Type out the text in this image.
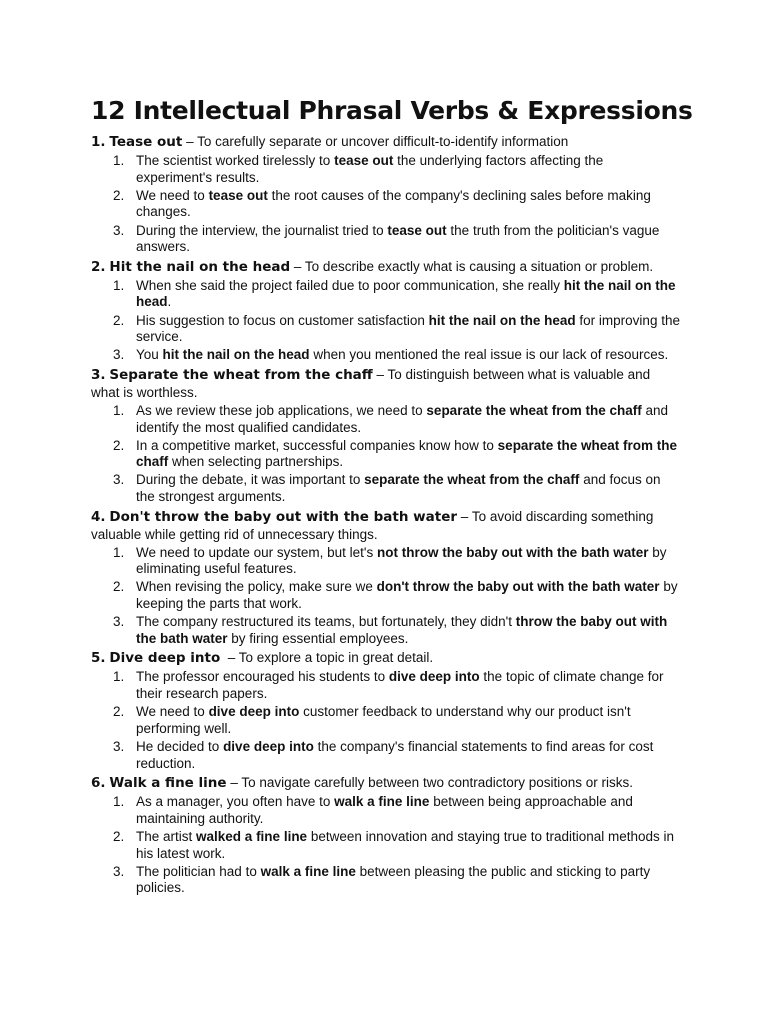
12 Intellectual Phrasal Verbs & Expressions
1. Tease out – To carefully separate or uncover difficult-to-identify information
1. The scientist worked tirelessly to tease out the underlying factors affecting the experiment's results.
2. We need to tease out the root causes of the company's declining sales before making changes.
3. During the interview, the journalist tried to tease out the truth from the politician's vague answers.
2. Hit the nail on the head – To describe exactly what is causing a situation or problem.
1. When she said the project failed due to poor communication, she really hit the nail on the head.
2. His suggestion to focus on customer satisfaction hit the nail on the head for improving the service.
3. You hit the nail on the head when you mentioned the real issue is our lack of resources.
3. Separate the wheat from the chaff – To distinguish between what is valuable and what is worthless.
1. As we review these job applications, we need to separate the wheat from the chaff and identify the most qualified candidates.
2. In a competitive market, successful companies know how to separate the wheat from the chaff when selecting partnerships.
3. During the debate, it was important to separate the wheat from the chaff and focus on the strongest arguments.
4. Don't throw the baby out with the bath water – To avoid discarding something valuable while getting rid of unnecessary things.
1. We need to update our system, but let's not throw the baby out with the bath water by eliminating useful features.
2. When revising the policy, make sure we don't throw the baby out with the bath water by keeping the parts that work.
3. The company restructured its teams, but fortunately, they didn't throw the baby out with the bath water by firing essential employees.
5. Dive deep into  – To explore a topic in great detail.
1. The professor encouraged his students to dive deep into the topic of climate change for their research papers.
2. We need to dive deep into customer feedback to understand why our product isn't performing well.
3. He decided to dive deep into the company's financial statements to find areas for cost reduction.
6. Walk a fine line – To navigate carefully between two contradictory positions or risks.
1. As a manager, you often have to walk a fine line between being approachable and maintaining authority.
2. The artist walked a fine line between innovation and staying true to traditional methods in his latest work.
3. The politician had to walk a fine line between pleasing the public and sticking to party policies.
